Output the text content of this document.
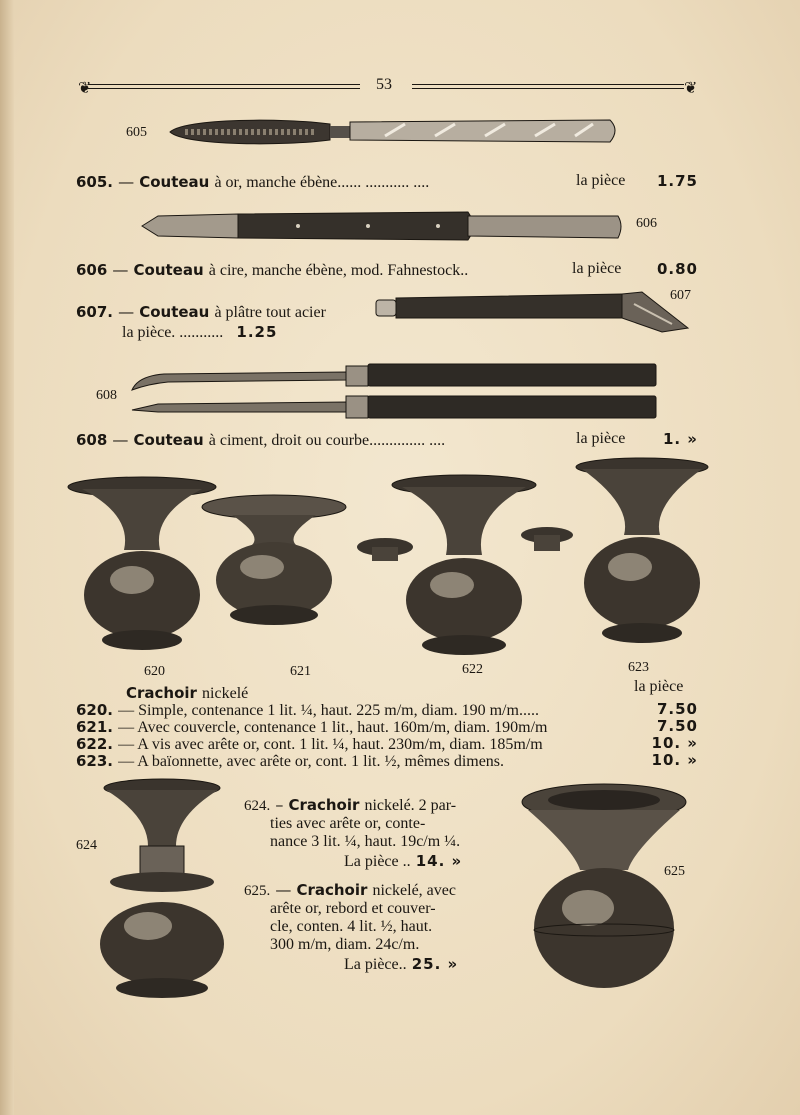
❦	❦
53
605
605. — Couteau à or, manche ébène...... ........... ....	la pièce 1.75
606
606 — Couteau à cire, manche ébène, mod. Fahnestock..	la pièce 0.80
607
607. — Couteau à plâtre tout acier
la pièce. ........... 1.25
608
608 — Couteau à ciment, droit ou courbe.............. ....	la pièce	1. »
620	621	622	623
Crachoir nickelé	la pièce
620. — Simple, contenance 1 lit. ¼, haut. 225 m/m, diam. 190 m/m.....	7.50
621. — Avec couvercle, contenance 1 lit., haut. 160m/m, diam. 190m/m	7.50
622. — A vis avec arête or, cont. 1 lit. ¼, haut. 230m/m, diam. 185m/m	10. »
623. — A baïonnette, avec arête or, cont. 1 lit. ½, mêmes dimens.	10. »
624
624. – Crachoir nickelé. 2 par-
ties avec arête or, conte-
nance 3 lit. ¼, haut. 19c/m ¼.
La pièce .. 14. »
625. — Crachoir nickelé, avec
arête or, rebord et couver-
cle, conten. 4 lit. ½, haut.
300 m/m, diam. 24c/m.
La pièce.. 25. »
625
